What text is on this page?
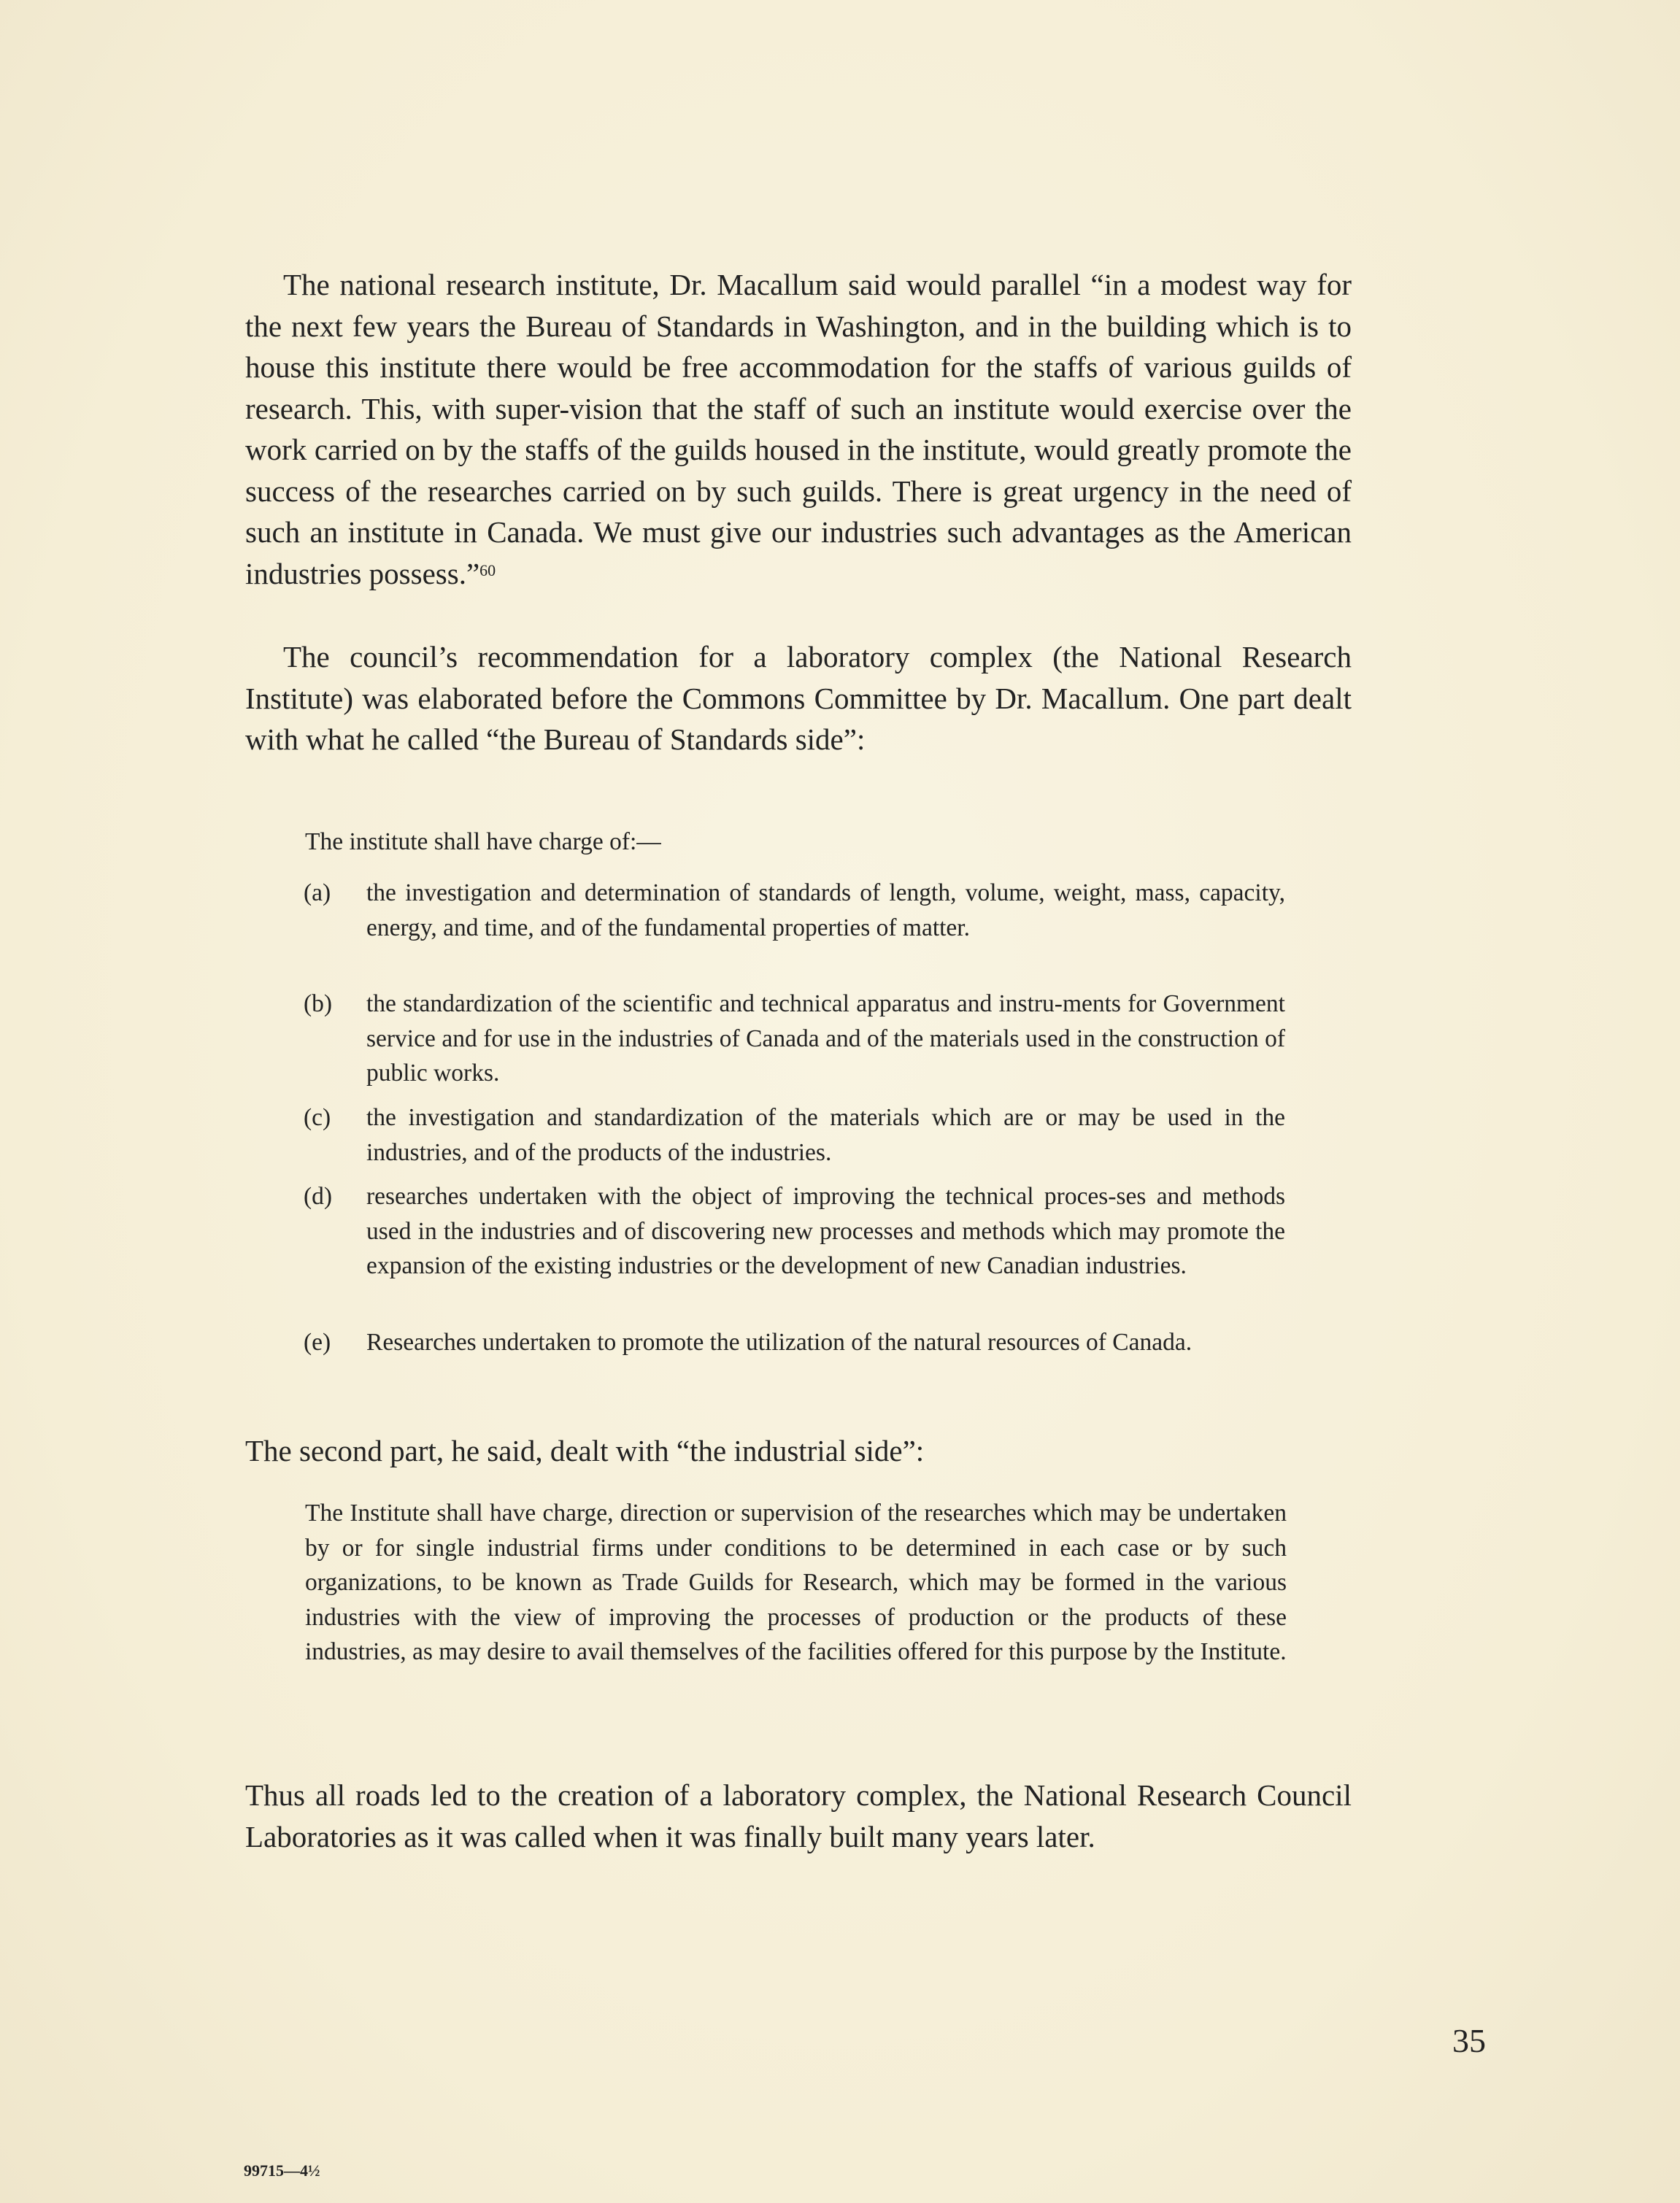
The national research institute, Dr. Macallum said would parallel “in a modest way for the next few years the Bureau of Standards in Washington, and in the building which is to house this institute there would be free accommodation for the staffs of various guilds of research. This, with super-vision that the staff of such an institute would exercise over the work carried on by the staffs of the guilds housed in the institute, would greatly promote the success of the researches carried on by such guilds. There is great urgency in the need of such an institute in Canada. We must give our industries such advantages as the American industries possess.”$^{60}$

The council’s recommendation for a laboratory complex (the National Research Institute) was elaborated before the Commons Committee by Dr. Macallum. One part dealt with what he called “the Bureau of Standards side”:

The institute shall have charge of:—

(a) the investigation and determination of standards of length, volume, weight, mass, capacity, energy, and time, and of the fundamental properties of matter.
(b) the standardization of the scientific and technical apparatus and instru-ments for Government service and for use in the industries of Canada and of the materials used in the construction of public works.
(c) the investigation and standardization of the materials which are or may be used in the industries, and of the products of the industries.
(d) researches undertaken with the object of improving the technical proces-ses and methods used in the industries and of discovering new processes and methods which may promote the expansion of the existing industries or the development of new Canadian industries.
(e) Researches undertaken to promote the utilization of the natural resources of Canada.

The second part, he said, dealt with “the industrial side”:

The Institute shall have charge, direction or supervision of the researches which may be undertaken by or for single industrial firms under conditions to be determined in each case or by such organizations, to be known as Trade Guilds for Research, which may be formed in the various industries with the view of improving the processes of production or the products of these industries, as may desire to avail themselves of the facilities offered for this purpose by the Institute.

Thus all roads led to the creation of a laboratory complex, the National Research Council Laboratories as it was called when it was finally built many years later.

35
99715—4½
